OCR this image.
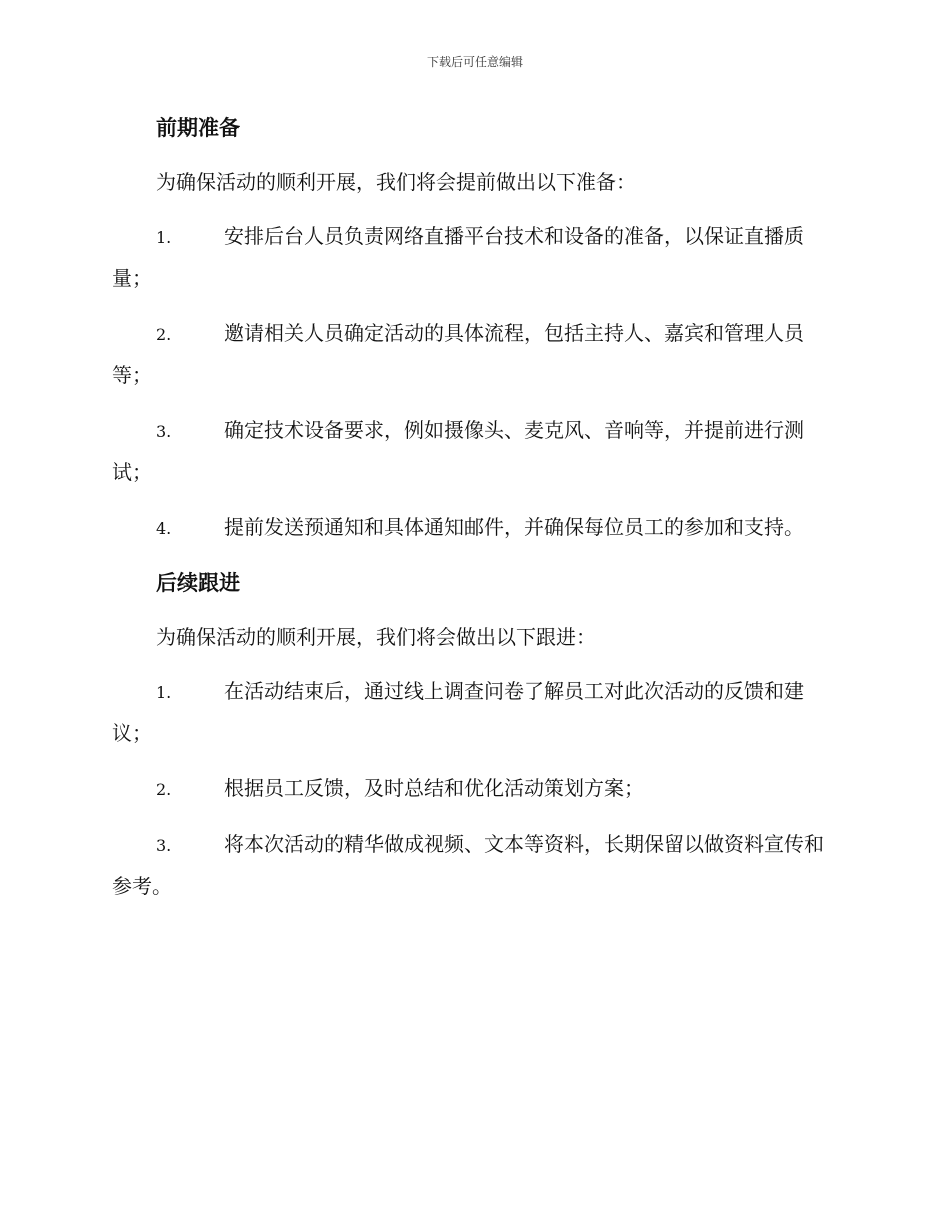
下载后可任意编辑
前期准备

为确保活动的顺利开展，我们将会提前做出以下准备：

1.	安排后台人员负责网络直播平台技术和设备的准备，以保证直播质量；
2.	邀请相关人员确定活动的具体流程，包括主持人、嘉宾和管理人员等；
3.	确定技术设备要求，例如摄像头、麦克风、音响等，并提前进行测试；
4.	提前发送预通知和具体通知邮件，并确保每位员工的参加和支持。
后续跟进

为确保活动的顺利开展，我们将会做出以下跟进：

1.	在活动结束后，通过线上调查问卷了解员工对此次活动的反馈和建议；
2.	根据员工反馈，及时总结和优化活动策划方案；
3.	将本次活动的精华做成视频、文本等资料，长期保留以做资料宣传和参考。
